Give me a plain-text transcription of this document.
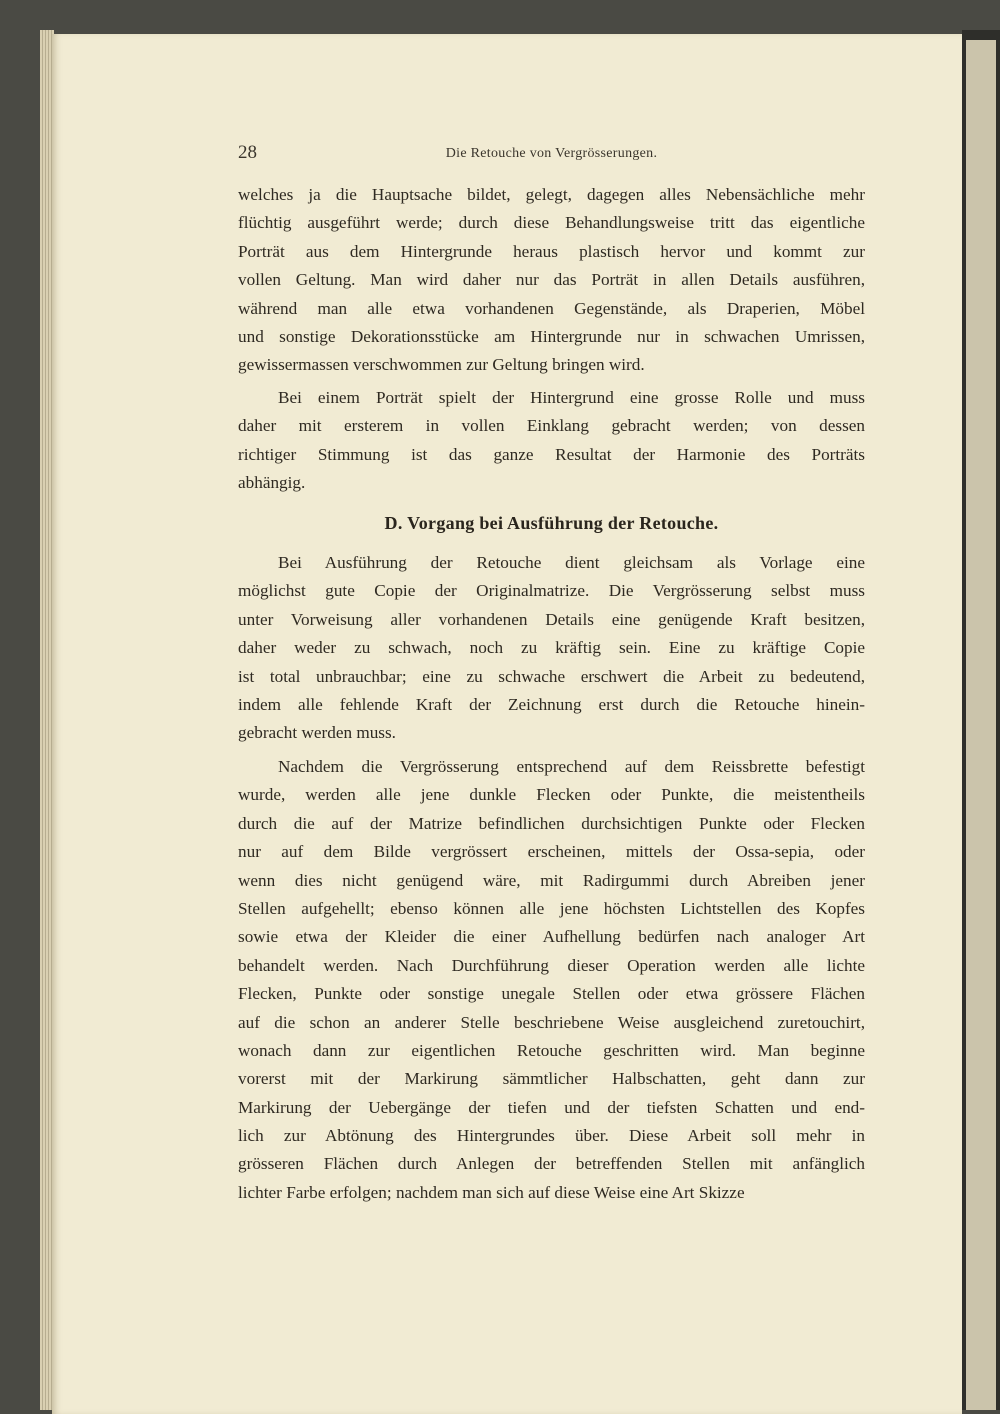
28	Die Retouche von Vergrösserungen.
welches ja die Hauptsache bildet, gelegt, dagegen alles Nebensächliche mehr
flüchtig ausgeführt werde; durch diese Behandlungsweise tritt das eigentliche
Porträt aus dem Hintergrunde heraus plastisch hervor und kommt zur
vollen Geltung. Man wird daher nur das Porträt in allen Details ausführen,
während man alle etwa vorhandenen Gegenstände, als Draperien, Möbel
und sonstige Dekorationsstücke am Hintergrunde nur in schwachen Umrissen,
gewissermassen verschwommen zur Geltung bringen wird.
Bei einem Porträt spielt der Hintergrund eine grosse Rolle und muss
daher mit ersterem in vollen Einklang gebracht werden; von dessen
richtiger Stimmung ist das ganze Resultat der Harmonie des Porträts
abhängig.
D. Vorgang bei Ausführung der Retouche.
Bei Ausführung der Retouche dient gleichsam als Vorlage eine
möglichst gute Copie der Originalmatrize. Die Vergrösserung selbst muss
unter Vorweisung aller vorhandenen Details eine genügende Kraft besitzen,
daher weder zu schwach, noch zu kräftig sein. Eine zu kräftige Copie
ist total unbrauchbar; eine zu schwache erschwert die Arbeit zu bedeutend,
indem alle fehlende Kraft der Zeichnung erst durch die Retouche hinein-
gebracht werden muss.
Nachdem die Vergrösserung entsprechend auf dem Reissbrette befestigt
wurde, werden alle jene dunkle Flecken oder Punkte, die meistentheils
durch die auf der Matrize befindlichen durchsichtigen Punkte oder Flecken
nur auf dem Bilde vergrössert erscheinen, mittels der Ossa-sepia, oder
wenn dies nicht genügend wäre, mit Radirgummi durch Abreiben jener
Stellen aufgehellt; ebenso können alle jene höchsten Lichtstellen des Kopfes
sowie etwa der Kleider die einer Aufhellung bedürfen nach analoger Art
behandelt werden. Nach Durchführung dieser Operation werden alle lichte
Flecken, Punkte oder sonstige unegale Stellen oder etwa grössere Flächen
auf die schon an anderer Stelle beschriebene Weise ausgleichend zuretouchirt,
wonach dann zur eigentlichen Retouche geschritten wird. Man beginne
vorerst mit der Markirung sämmtlicher Halbschatten, geht dann zur
Markirung der Uebergänge der tiefen und der tiefsten Schatten und end-
lich zur Abtönung des Hintergrundes über. Diese Arbeit soll mehr in
grösseren Flächen durch Anlegen der betreffenden Stellen mit anfänglich
lichter Farbe erfolgen; nachdem man sich auf diese Weise eine Art Skizze
